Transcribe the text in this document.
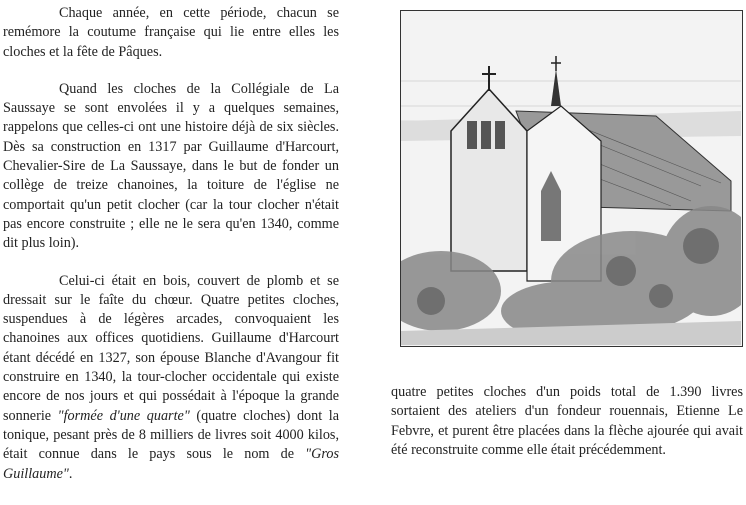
Chaque année, en cette période, chacun se remémore la coutume française qui lie entre elles les cloches et la fête de Pâques.

Quand les cloches de la Collégiale de La Saussaye se sont envolées il y a quelques semaines, rappelons que celles-ci ont une histoire déjà de six siècles. Dès sa construction en 1317 par Guillaume d'Harcourt, Chevalier-Sire de La Saussaye, dans le but de fonder un collège de treize chanoines, la toiture de l'église ne comportait qu'un petit clocher (car la tour clocher n'était pas encore construite ; elle ne le sera qu'en 1340, comme dit plus loin).

Celui-ci était en bois, couvert de plomb et se dressait sur le faîte du chœur. Quatre petites cloches, suspendues à de légères arcades, convoquaient les chanoines aux offices quotidiens. Guillaume d'Harcourt étant décédé en 1327, son épouse Blanche d'Avangour fit construire en 1340, la tour-clocher occidentale qui existe encore de nos jours et qui possédait à l'époque la grande sonnerie "formée d'une quarte" (quatre cloches) dont la tonique, pesant près de 8 milliers de livres soit 4000 kilos, était connue dans le pays sous le nom de "Gros Guillaume".

quatre petites cloches d'un poids total de 1.390 livres sortaient des ateliers d'un fondeur rouennais, Etienne Le Febvre, et purent être placées dans la flèche ajourée qui avait été reconstruite comme elle était précédemment.
